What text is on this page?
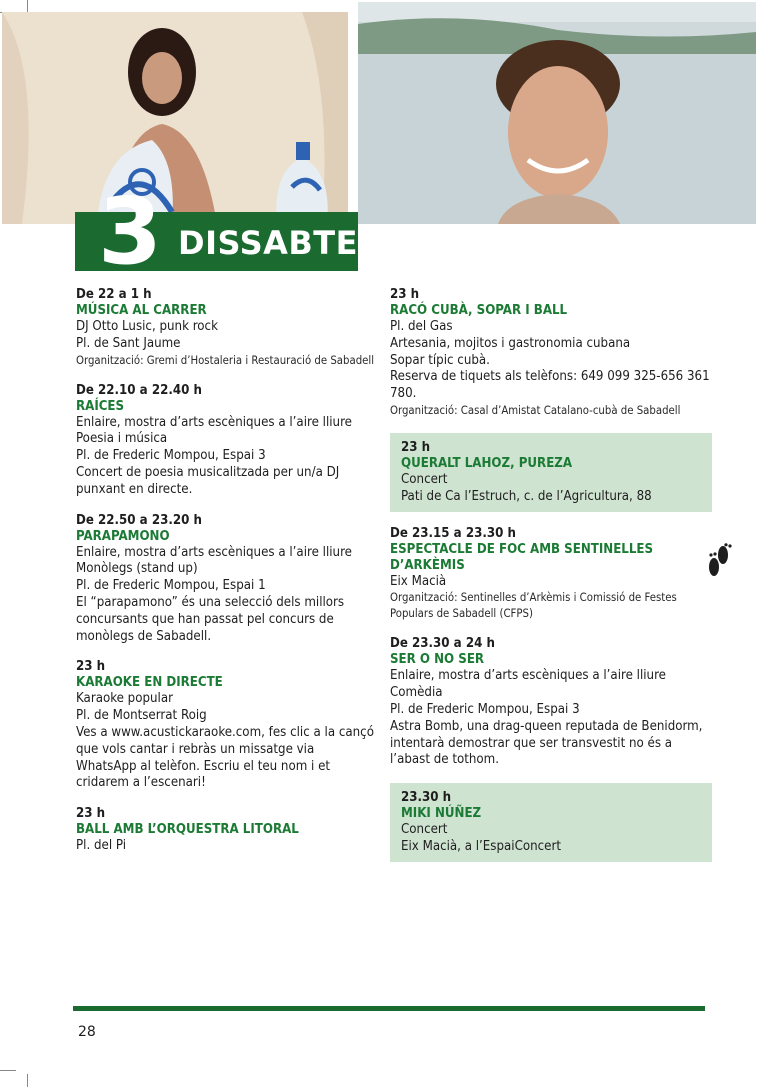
3 DISSABTE
De 22 a 1 h
MÚSICA AL CARRER
DJ Otto Lusic, punk rock
Pl. de Sant Jaume
Organització: Gremi d’Hostaleria i Restauració de Sabadell
De 22.10 a 22.40 h
RAÍCES
Enlaire, mostra d’arts escèniques a l’aire lliure
Poesia i música
Pl. de Frederic Mompou, Espai 3
Concert de poesia musicalitzada per un/a DJ punxant en directe.
De 22.50 a 23.20 h
PARAPAMONO
Enlaire, mostra d’arts escèniques a l’aire lliure
Monòlegs (stand up)
Pl. de Frederic Mompou, Espai 1
El “parapamono” és una selecció dels millors concursants que han passat pel concurs de monòlegs de Sabadell.
23 h
KARAOKE EN DIRECTE
Karaoke popular
Pl. de Montserrat Roig
Ves a www.acustickaraoke.com, fes clic a la cançó que vols cantar i rebràs un missatge via WhatsApp al telèfon. Escriu el teu nom i et cridarem a l’escenari!
23 h
BALL AMB L’ORQUESTRA LITORAL
Pl. del Pi
23 h
RACÓ CUBÀ, SOPAR I BALL
Pl. del Gas
Artesania, mojitos i gastronomia cubana
Sopar típic cubà.
Reserva de tiquets als telèfons: 649 099 325-656 361 780.
Organització: Casal d’Amistat Catalano-cubà de Sabadell
23 h
QUERALT LAHOZ, PUREZA
Concert
Pati de Ca l’Estruch, c. de l’Agricultura, 88
De 23.15 a 23.30 h
ESPECTACLE DE FOC AMB SENTINELLES D’ARKÈMIS
Eix Macià
Organització: Sentinelles d’Arkèmis i Comissió de Festes Populars de Sabadell (CFPS)
De 23.30 a 24 h
SER O NO SER
Enlaire, mostra d’arts escèniques a l’aire lliure
Comèdia
Pl. de Frederic Mompou, Espai 3
Astra Bomb, una drag-queen reputada de Benidorm, intentarà demostrar que ser transvestit no és a l’abast de tothom.
23.30 h
MIKI NÚÑEZ
Concert
Eix Macià, a l’EspaiConcert
28
